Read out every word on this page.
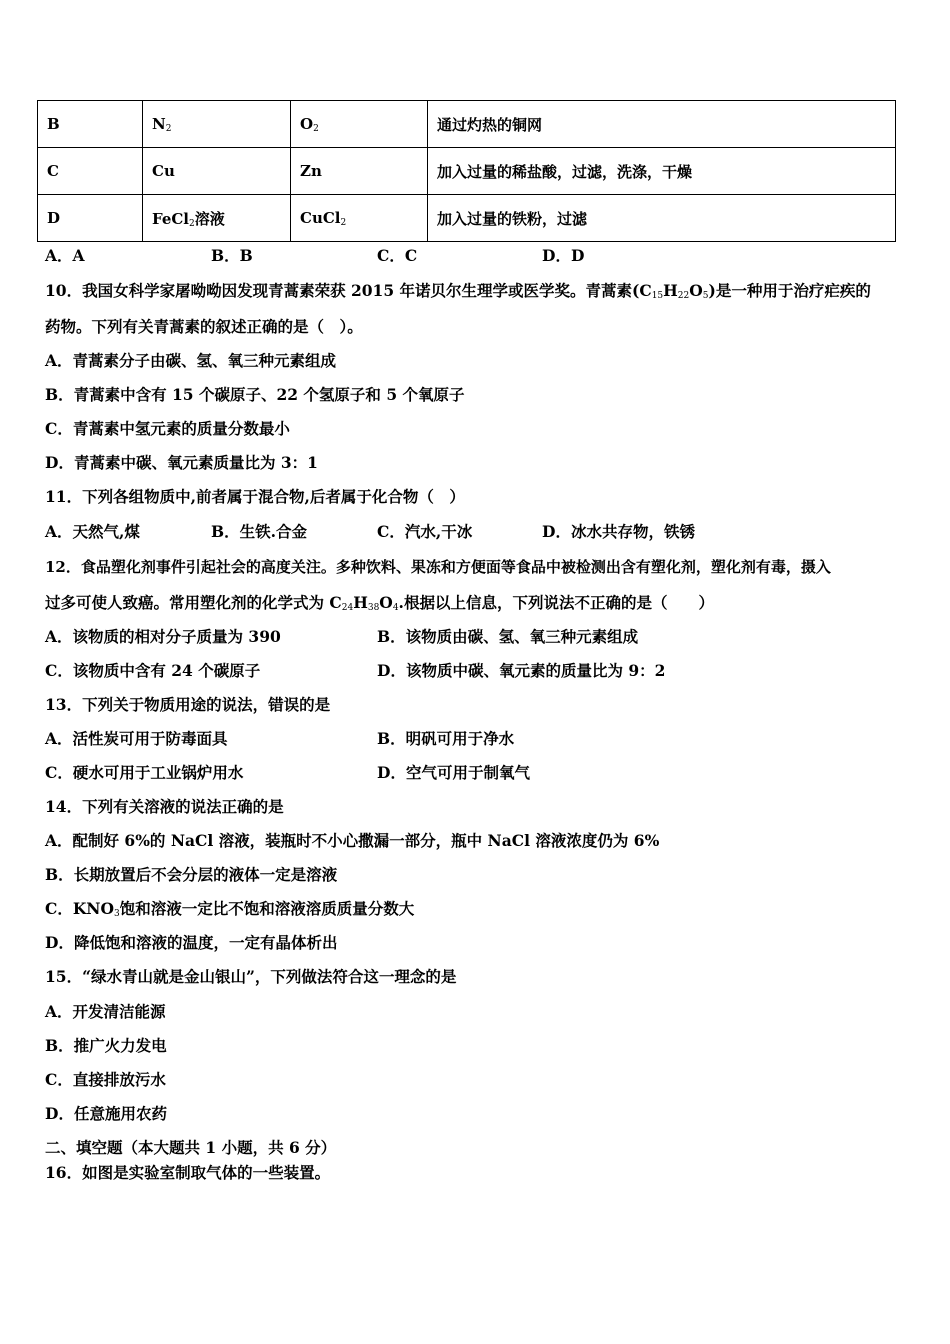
B	$N_2$	$O_2$	通过灼热的铜网
C	Cu	Zn	加入过量的稀盐酸，过滤，洗涤，干燥
D	FeCl$_2$溶液	CuCl$_2$	加入过量的铁粉，过滤
A．A	B．B	C．C	D．D
10．我国女科学家屠呦呦因发现青蒿素荣获 2015 年诺贝尔生理学或医学奖。青蒿素$(C_{15}H_{22}O_5)$是一种用于治疗疟疾的
药物。下列有关青蒿素的叙述正确的是（　）。
A．青蒿素分子由碳、氢、氧三种元素组成
B．青蒿素中含有 15 个碳原子、22 个氢原子和 5 个氧原子
C．青蒿素中氢元素的质量分数最小
D．青蒿素中碳、氧元素质量比为 3：1
11．下列各组物质中,前者属于混合物,后者属于化合物（　）
A．天然气,煤	B．生铁.合金	C．汽水,干冰	D．冰水共存物，铁锈
12．食品塑化剂事件引起社会的高度关注。多种饮料、果冻和方便面等食品中被检测出含有塑化剂，塑化剂有毒，摄入
过多可使人致癌。常用塑化剂的化学式为 $C_{24}H_{38}O_4$.根据以上信息，下列说法不正确的是（　　）
A．该物质的相对分子质量为 390	B．该物质由碳、氢、氧三种元素组成
C．该物质中含有 24 个碳原子	D．该物质中碳、氧元素的质量比为 9：2
13．下列关于物质用途的说法，错误的是
A．活性炭可用于防毒面具	B．明矾可用于净水
C．硬水可用于工业锅炉用水	D．空气可用于制氧气
14．下列有关溶液的说法正确的是
A．配制好 6%的 NaCl 溶液，装瓶时不小心撒漏一部分，瓶中 NaCl 溶液浓度仍为 6%
B．长期放置后不会分层的液体一定是溶液
C．$KNO_3$饱和溶液一定比不饱和溶液溶质质量分数大
D．降低饱和溶液的温度，一定有晶体析出
15．“绿水青山就是金山银山”，下列做法符合这一理念的是
A．开发清洁能源
B．推广火力发电
C．直接排放污水
D．任意施用农药
二、填空题（本大题共 1 小题，共 6 分）
16．如图是实验室制取气体的一些装置。
